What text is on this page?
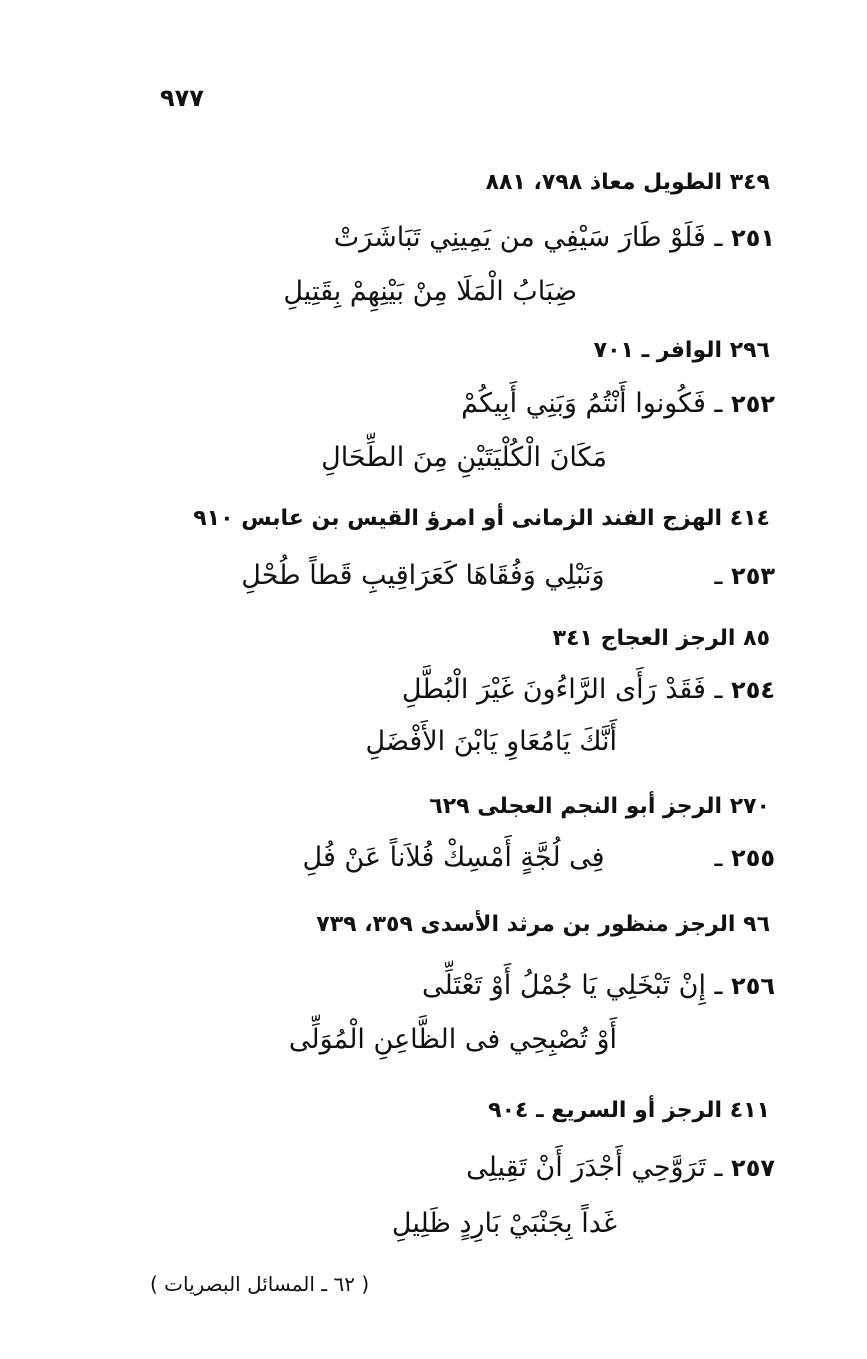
٩٧٧
٣٤٩ الطويل معاذ ٧٩٨، ٨٨١
٢٥١ ـ فَلَوْ طَارَ سَيْفِي من يَمِينِي تَبَاشَرَتْ
ضِبَابُ الْمَلَا مِنْ بَيْنِهِمْ بِقَتِيلِ
٢٩٦ الوافر ـ ٧٠١
٢٥٢ ـ فَكُونوا أَنْتُمُ وَبَنِي أَبِيكُمْ
مَكَانَ الْكُلْيَتَيْنِ مِنَ الطِّحَالِ
٤١٤ الهزج الفند الزمانى أو امرؤ القيس بن عابس ٩١٠
٢٥٣ ـوَنَبْلِي وَفُقَاهَا كَعَرَاقِيبِ قَطاً طُحْلِ
٨٥ الرجز العجاج ٣٤١
٢٥٤ ـ فَقَدْ رَأَى الرَّاءُونَ غَيْرَ الْبُطَّلِ
أَنَّكَ يَامُعَاوِ يَابْنَ الأَفْضَلِ
٢٧٠ الرجز أبو النجم العجلى ٦٢٩
٢٥٥ ـفِى لُجَّةٍ أَمْسِكْ فُلاَناً عَنْ فُلِ
٩٦ الرجز منظور بن مرثد الأسدى ٣٥٩، ٧٣٩
٢٥٦ ـ إِنْ تَبْخَلِي يَا جُمْلُ أَوْ تَعْتَلِّى
أَوْ تُصْبِحِي فى الظَّاعِنِ الْمُوَلِّى
٤١١ الرجز أو السريع ـ ٩٠٤
٢٥٧ ـ تَرَوَّحِي أَجْدَرَ أَنْ تَقِيلِى
غَداً بِجَنْبَيْ بَارِدٍ ظَلِيلِ
( ٦٢ ـ المسائل البصريات )
